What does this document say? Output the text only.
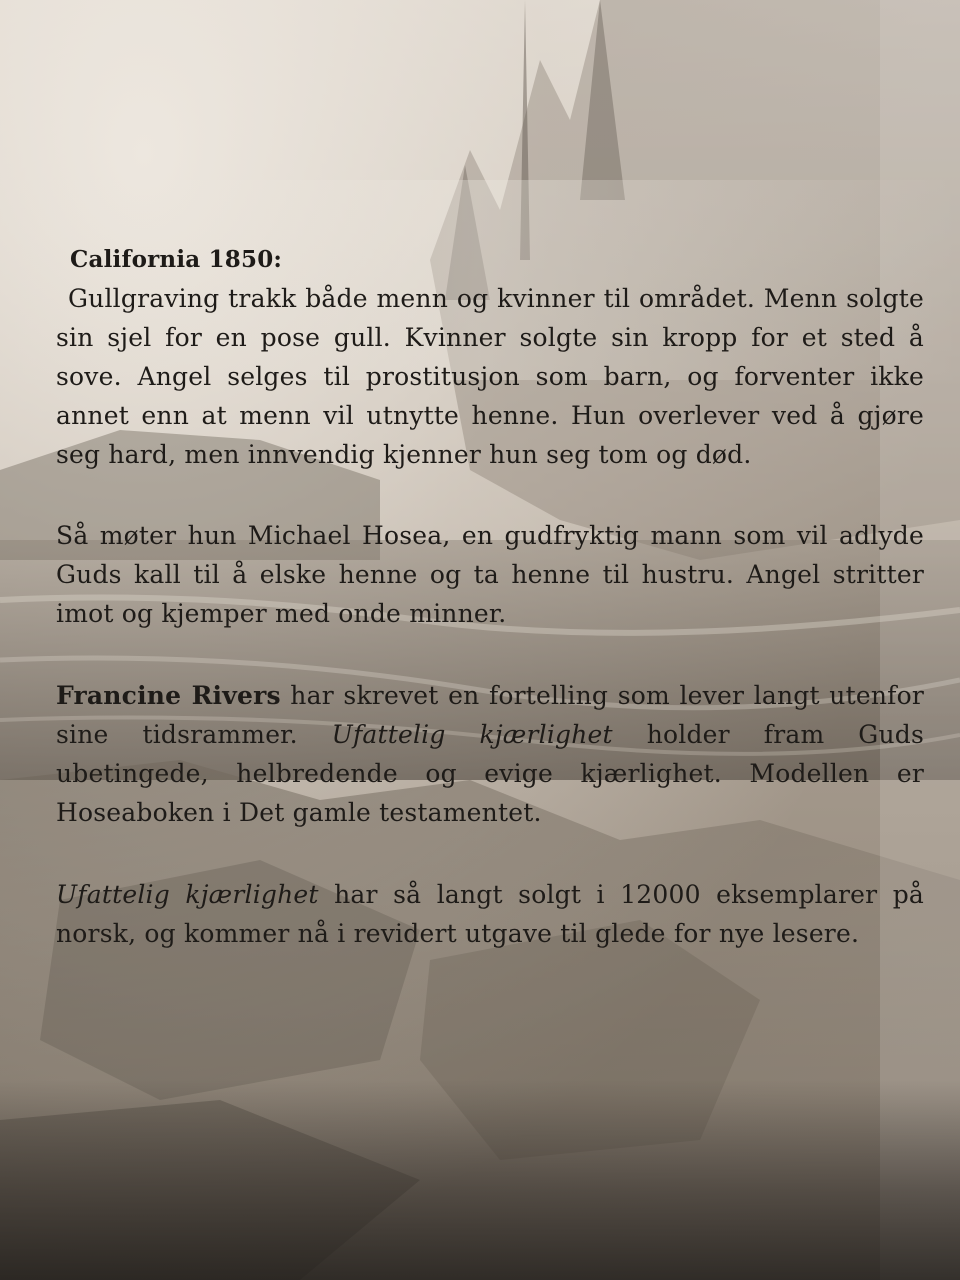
California 1850:
Gullgraving trakk både menn og kvinner til området. Menn solgte sin sjel for en pose gull. Kvinner solgte sin kropp for et sted å sove. Angel selges til prostitusjon som barn, og forventer ikke annet enn at menn vil utnytte henne. Hun overlever ved å gjøre seg hard, men innvendig kjenner hun seg tom og død.

Så møter hun Michael Hosea, en gudfryktig mann som vil adlyde Guds kall til å elske henne og ta henne til hustru. Angel stritter imot og kjemper med onde minner.

Francine Rivers har skrevet en fortelling som lever langt utenfor sine tidsrammer. Ufattelig kjærlighet holder fram Guds ubetingede, helbredende og evige kjærlighet. Modellen er Hoseaboken i Det gamle testamentet.

Ufattelig kjærlighet har så langt solgt i 12000 eksemplarer på norsk, og kommer nå i revidert utgave til glede for nye lesere.
